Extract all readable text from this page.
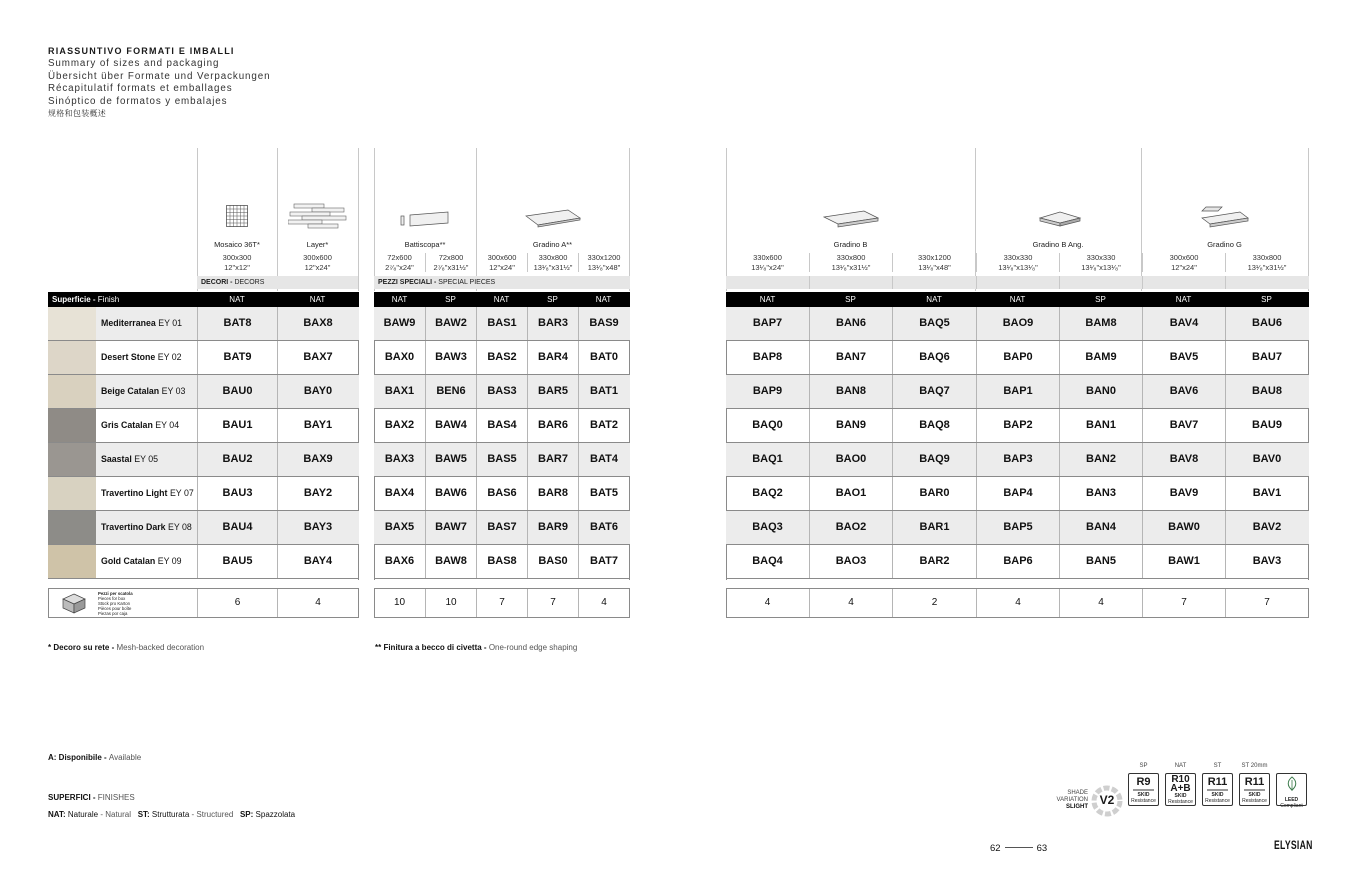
RIASSUNTIVO FORMATI E IMBALLI
Summary of sizes and packaging
Übersicht über Formate und Verpackungen
Récapitulatif formats et emballages
Sinóptico de formatos y embalajes
规格和包装概述
Mosaico 36T*	Layer*
300x300
12"x12"
300x600
12"x24"
DECORI - DECORS
Superficie - Finish	NAT	NAT
Mediterranea EY 01	BAT8	BAX8
Desert Stone EY 02	BAT9	BAX7
Beige Catalan EY 03	BAU0	BAY0
Gris Catalan EY 04	BAU1	BAY1
Saastal EY 05	BAU2	BAX9
Travertino Light EY 07	BAU3	BAY2
Travertino Dark EY 08	BAU4	BAY3
Gold Catalan EY 09	BAU5	BAY4
Pezzi per scatola
Pieces for box
Stück pro Karton
Pièces pour boîte
Piezas por caja
6	4
Battiscopa**	Gradino A**
72x600
2⁷⁄₈"x24"
72x800
2⁷⁄₈"x31½"
300x600
12"x24"
330x800
13¹⁄₈"x31½"
330x1200
13¹⁄₈"x48"
PEZZI SPECIALI - SPECIAL PIECES
NAT	SP	NAT	SP	NAT
BAW9	BAW2	BAS1	BAR3	BAS9
BAX0	BAW3	BAS2	BAR4	BAT0
BAX1	BEN6	BAS3	BAR5	BAT1
BAX2	BAW4	BAS4	BAR6	BAT2
BAX3	BAW5	BAS5	BAR7	BAT4
BAX4	BAW6	BAS6	BAR8	BAT5
BAX5	BAW7	BAS7	BAR9	BAT6
BAX6	BAW8	BAS8	BAS0	BAT7
10	10	7	7	4
Gradino B	Gradino B Ang.	Gradino G
330x600
13¹⁄₈"x24"
330x800
13¹⁄₈"x31½"
330x1200
13¹⁄₈"x48"
330x330
13¹⁄₈"x13¹⁄₈"
330x330
13¹⁄₈"x13¹⁄₈"
300x600
12"x24"
330x800
13¹⁄₈"x31½"
NAT	SP	NAT	NAT	SP	NAT	SP
BAP7	BAN6	BAQ5	BAO9	BAM8	BAV4	BAU6
BAP8	BAN7	BAQ6	BAP0	BAM9	BAV5	BAU7
BAP9	BAN8	BAQ7	BAP1	BAN0	BAV6	BAU8
BAQ0	BAN9	BAQ8	BAP2	BAN1	BAV7	BAU9
BAQ1	BAO0	BAQ9	BAP3	BAN2	BAV8	BAV0
BAQ2	BAO1	BAR0	BAP4	BAN3	BAV9	BAV1
BAQ3	BAO2	BAR1	BAP5	BAN4	BAW0	BAV2
BAQ4	BAO3	BAR2	BAP6	BAN5	BAW1	BAV3
4	4	2	4	4	7	7
* Decoro su rete - Mesh-backed decoration	** Finitura a becco di civetta - One-round edge shaping
A: Disponibile - Available
SUPERFICI - FINISHES
NAT: Naturale - Natural ST: Strutturata - Structured SP: Spazzolata
SHADE
VARIATION
SLIGHT V2
SP
R9
SKID
Resistance
NAT
R10 A+B
SKID
Resistance
ST
R11
SKID
Resistance
ST 20mm
R11
SKID
Resistance	LEED
Compliant
62	63	ELYSIAN
